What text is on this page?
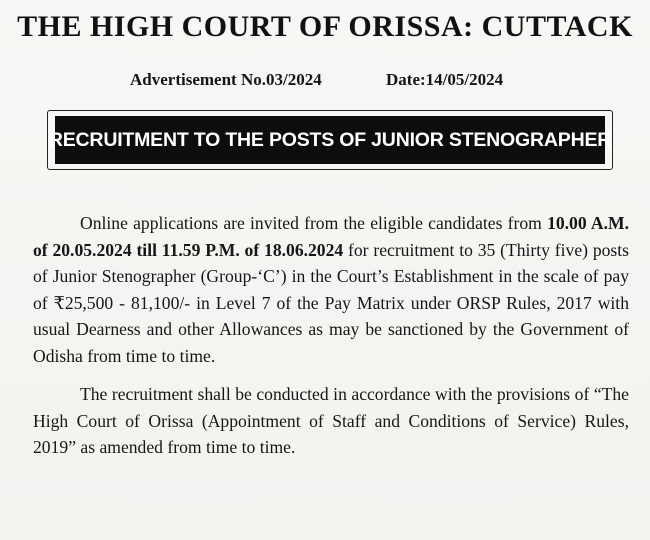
THE HIGH COURT OF ORISSA: CUTTACK
Advertisement No.03/2024	Date:14/05/2024
RECRUITMENT TO THE POSTS OF JUNIOR STENOGRAPHER

Online applications are invited from the eligible candidates from 10.00 A.M. of 20.05.2024 till 11.59 P.M. of 18.06.2024 for recruitment to 35 (Thirty five) posts of Junior Stenographer (Group-‘C’) in the Court’s Establishment in the scale of pay of ₹25,500 - 81,100/- in Level 7 of the Pay Matrix under ORSP Rules, 2017 with usual Dearness and other Allowances as may be sanctioned by the Government of Odisha from time to time.

The recruitment shall be conducted in accordance with the provisions of “The High Court of Orissa (Appointment of Staff and Conditions of Service) Rules, 2019” as amended from time to time.
